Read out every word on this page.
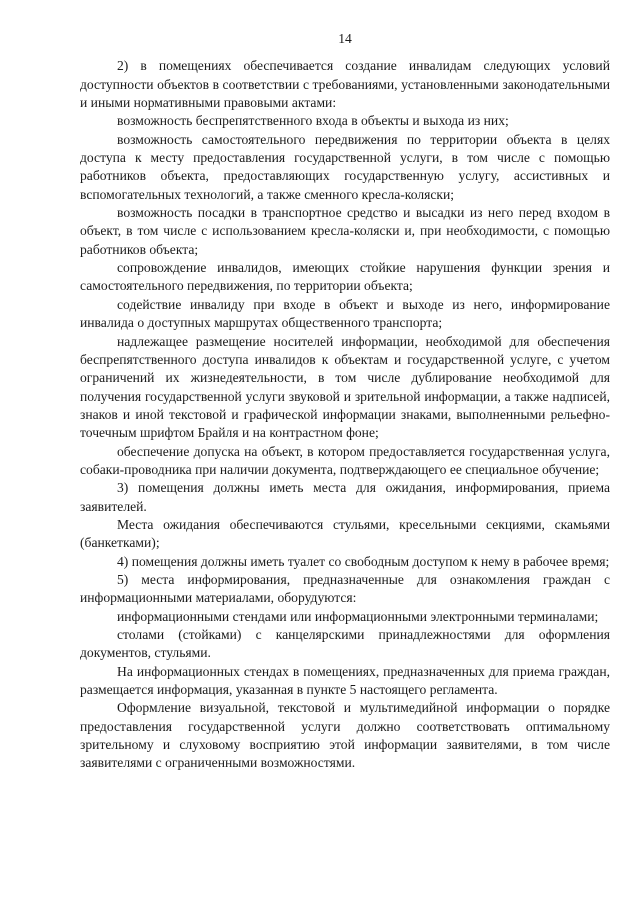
14

2) в помещениях обеспечивается создание инвалидам следующих условий доступности объектов в соответствии с требованиями, установленными законодательными и иными нормативными правовыми актами:

возможность беспрепятственного входа в объекты и выхода из них;

возможность самостоятельного передвижения по территории объекта в целях доступа к месту предоставления государственной услуги, в том числе с помощью работников объекта, предоставляющих государственную услугу, ассистивных и вспомогательных технологий, а также сменного кресла-коляски;

возможность посадки в транспортное средство и высадки из него перед входом в объект, в том числе с использованием кресла-коляски и, при необходимости, с помощью работников объекта;

сопровождение инвалидов, имеющих стойкие нарушения функции зрения и самостоятельного передвижения, по территории объекта;

содействие инвалиду при входе в объект и выходе из него, информирование инвалида о доступных маршрутах общественного транспорта;

надлежащее размещение носителей информации, необходимой для обеспечения беспрепятственного доступа инвалидов к объектам и государственной услуге, с учетом ограничений их жизнедеятельности, в том числе дублирование необходимой для получения государственной услуги звуковой и зрительной информации, а также надписей, знаков и иной текстовой и графической информации знаками, выполненными рельефно-точечным шрифтом Брайля и на контрастном фоне;

обеспечение допуска на объект, в котором предоставляется государственная услуга, собаки-проводника при наличии документа, подтверждающего ее специальное обучение;

3) помещения должны иметь места для ожидания, информирования, приема заявителей.

Места ожидания обеспечиваются стульями, кресельными секциями, скамьями (банкетками);

4) помещения должны иметь туалет со свободным доступом к нему в рабочее время;

5) места информирования, предназначенные для ознакомления граждан с информационными материалами, оборудуются:

информационными стендами или информационными электронными терминалами;

столами (стойками) с канцелярскими принадлежностями для оформления документов, стульями.

На информационных стендах в помещениях, предназначенных для приема граждан, размещается информация, указанная в пункте 5 настоящего регламента.

Оформление визуальной, текстовой и мультимедийной информации о порядке предоставления государственной услуги должно соответствовать оптимальному зрительному и слуховому восприятию этой информации заявителями, в том числе заявителями с ограниченными возможностями.
